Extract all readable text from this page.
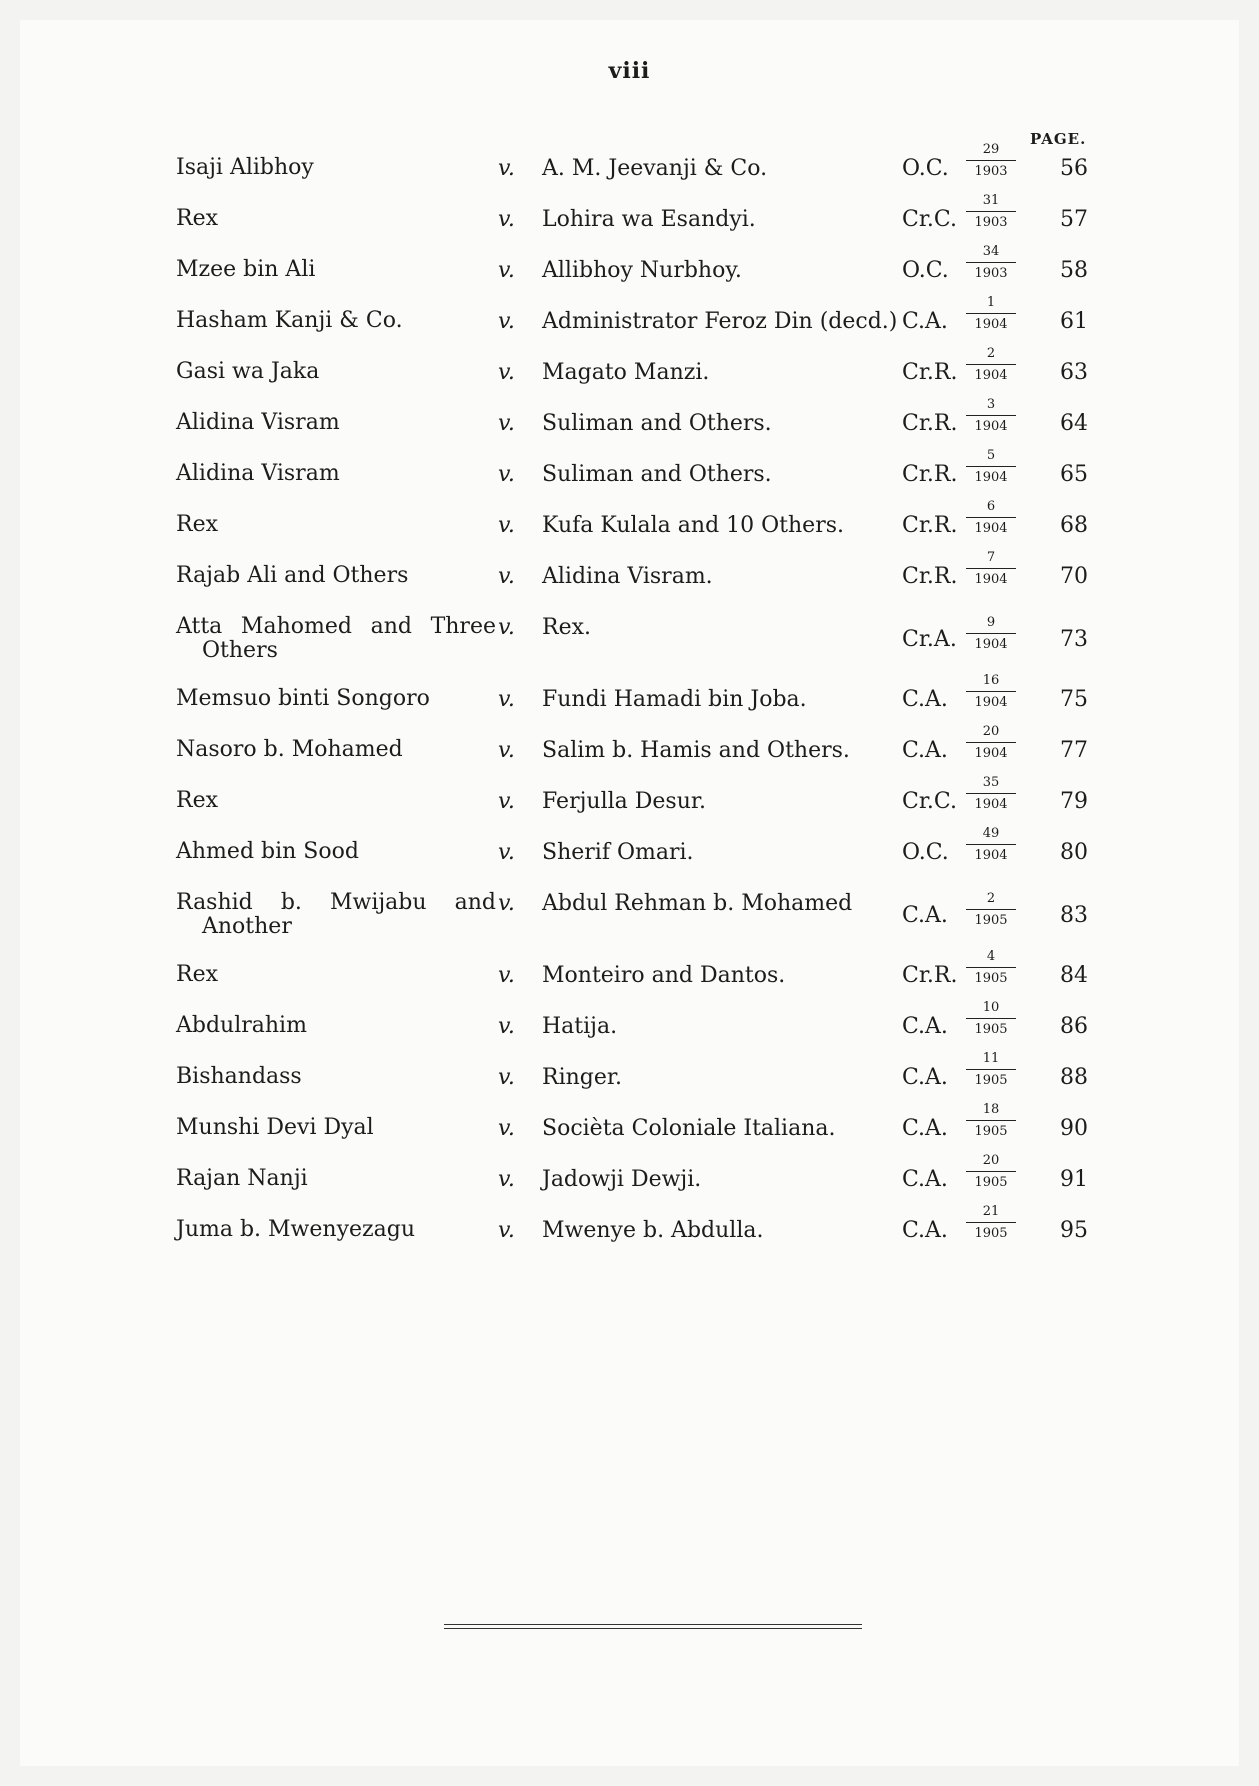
viii
PAGE.
Isaji Alibhoy	v. A. M. Jeevanji & Co.	O.C. $\frac{29}{1903} 56$
Rex	v. Lohira wa Esandyi.	Cr.C. $\frac{31}{1903} 57$
Mzee bin Ali	v. Allibhoy Nurbhoy.	O.C. $\frac{34}{1903} 58$
Hasham Kanji & Co.	v. Administrator Feroz Din (decd.) C.A. $\frac{1}{1904} 61$
Gasi wa Jaka	v. Magato Manzi.	Cr.R. $\frac{2}{1904} 63$
Alidina Visram	v. Suliman and Others.	Cr.R. $\frac{3}{1904} 64$
Alidina Visram	v. Suliman and Others.	Cr.R. $\frac{5}{1904} 65$
Rex	v. Kufa Kulala and 10 Others.	Cr.R. $\frac{6}{1904} 68$
Rajab Ali and Others	v. Alidina Visram.	Cr.R. $\frac{7}{1904} 70$
Atta Mahomed and Three
Others
v. Rex.	Cr.A. $\frac{9}{1904} 73$
Memsuo binti Songoro	v. Fundi Hamadi bin Joba.	C.A. $\frac{16}{1904} 75$
Nasoro b. Mohamed	v. Salim b. Hamis and Others. C.A. $\frac{20}{1904} 77$
Rex	v. Ferjulla Desur.	Cr.C. $\frac{35}{1904} 79$
Ahmed bin Sood	v. Sherif Omari.	O.C. $\frac{49}{1904} 80$
Rashid b. Mwijabu and
Another
v. Abdul Rehman b. Mohamed C.A. $\frac{2}{1905} 83$
Rex	v. Monteiro and Dantos.	Cr.R. $\frac{4}{1905} 84$
Abdulrahim	v. Hatija.	C.A. $\frac{10}{1905} 86$
Bishandass	v. Ringer.	C.A. $\frac{11}{1905} 88$
Munshi Devi Dyal	v. Socièta Coloniale Italiana.	C.A. $\frac{18}{1905} 90$
Rajan Nanji	v. Jadowji Dewji.	C.A. $\frac{20}{1905} 91$
Juma b. Mwenyezagu	v. Mwenye b. Abdulla.	C.A. $\frac{21}{1905} 95$
